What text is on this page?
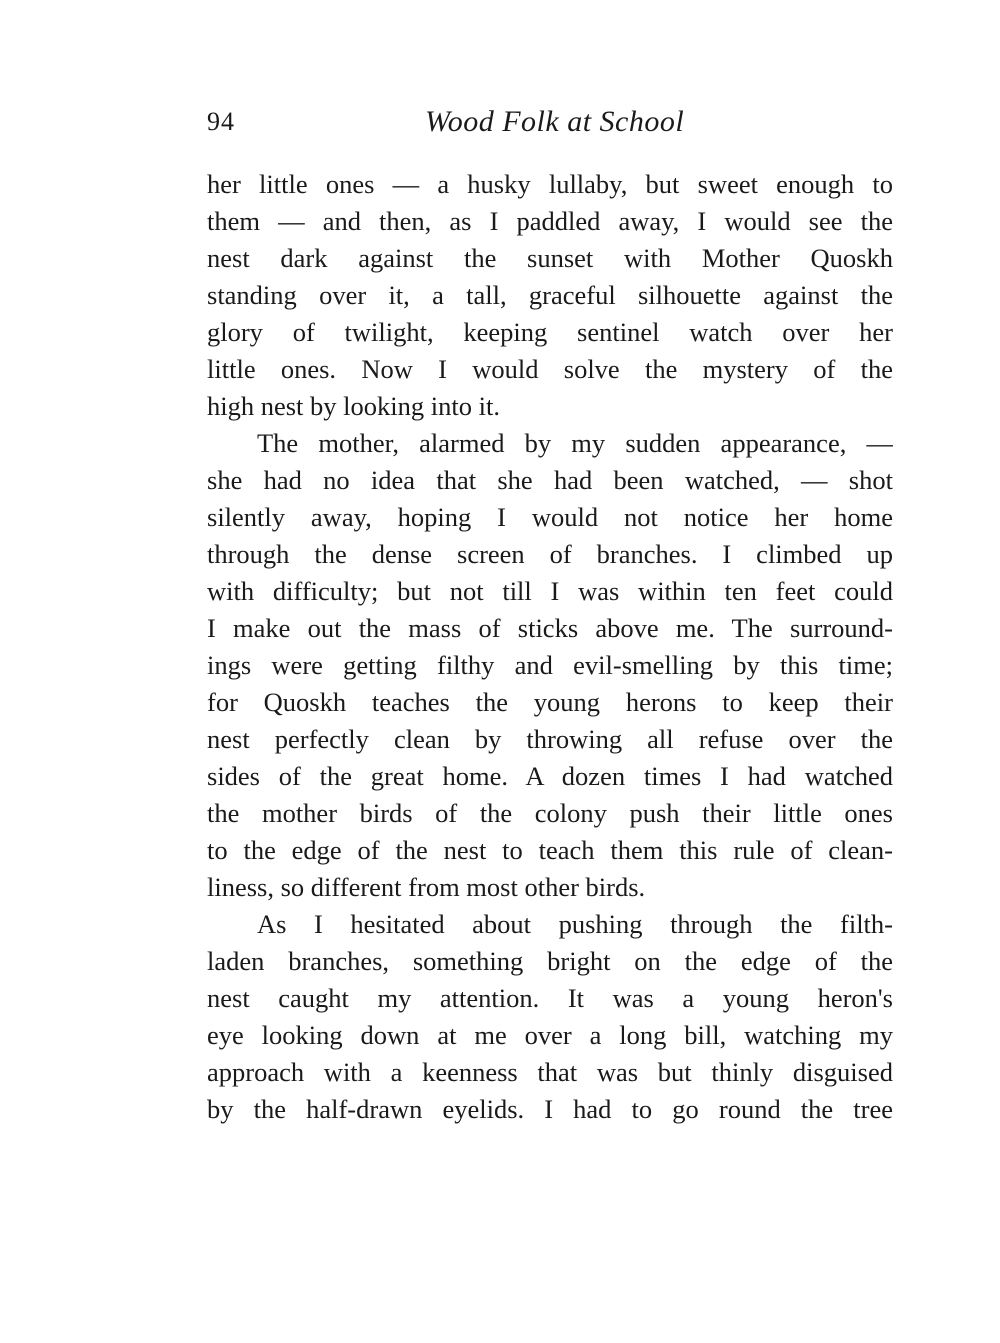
94	Wood Folk at School
her little ones — a husky lullaby, but sweet enough to
them — and then, as I paddled away, I would see the
nest dark against the sunset with Mother Quoskh
standing over it, a tall, graceful silhouette against the
glory of twilight, keeping sentinel watch over her
little ones. Now I would solve the mystery of the
high nest by looking into it.
The mother, alarmed by my sudden appearance, —
she had no idea that she had been watched, — shot
silently away, hoping I would not notice her home
through the dense screen of branches. I climbed up
with difficulty; but not till I was within ten feet could
I make out the mass of sticks above me. The surround-
ings were getting filthy and evil-smelling by this time;
for Quoskh teaches the young herons to keep their
nest perfectly clean by throwing all refuse over the
sides of the great home. A dozen times I had watched
the mother birds of the colony push their little ones
to the edge of the nest to teach them this rule of clean-
liness, so different from most other birds.
As I hesitated about pushing through the filth-
laden branches, something bright on the edge of the
nest caught my attention. It was a young heron's
eye looking down at me over a long bill, watching my
approach with a keenness that was but thinly disguised
by the half-drawn eyelids. I had to go round the tree
